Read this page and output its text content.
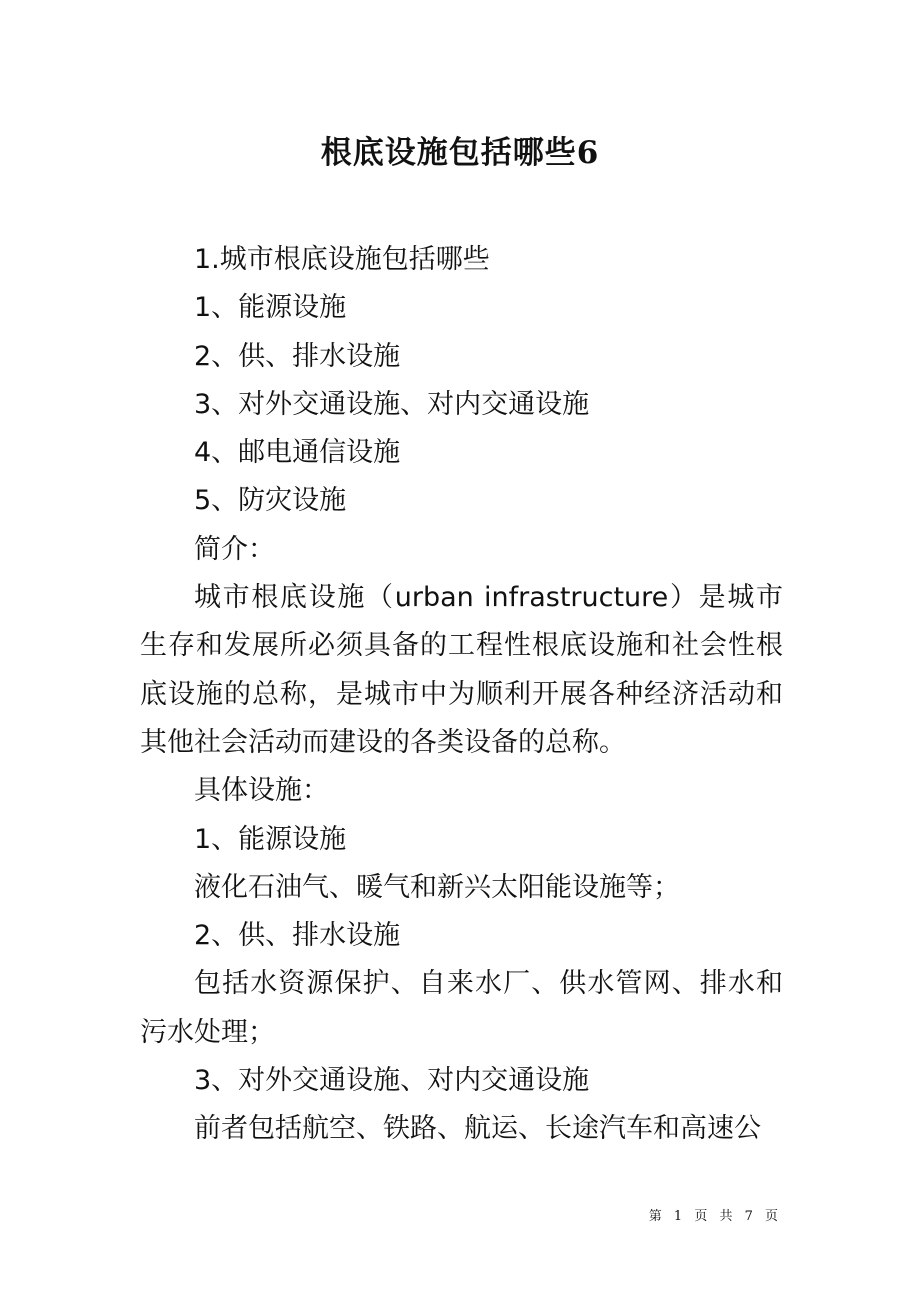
根底设施包括哪些6

1.城市根底设施包括哪些

1、能源设施

2、供、排水设施

3、对外交通设施、对内交通设施

4、邮电通信设施

5、防灾设施

简介：

城市根底设施（urban infrastructure）是城市生存和发展所必须具备的工程性根底设施和社会性根底设施的总称，是城市中为顺利开展各种经济活动和其他社会活动而建设的各类设备的总称。

具体设施：

1、能源设施

液化石油气、暖气和新兴太阳能设施等；

2、供、排水设施

包括水资源保护、自来水厂、供水管网、排水和污水处理；

3、对外交通设施、对内交通设施

前者包括航空、铁路、航运、长途汽车和高速公

第 1 页 共 7 页
